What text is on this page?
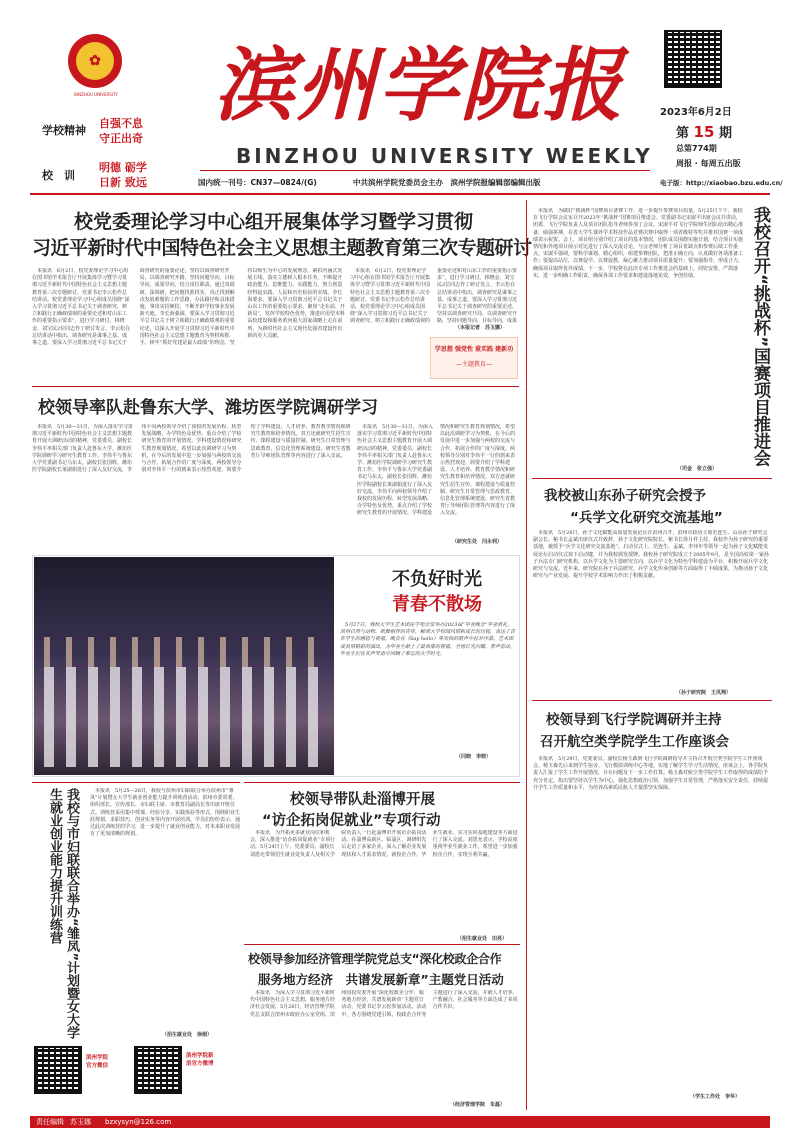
✿
BINZHOU UNIVERSITY
学校精神
自强不息
守正出奇
校　训
明德 砺学
日新 致远
滨州学院报
BINZHOU UNIVERSITY WEEKLY
国内统一刊号：CN37—0824/(G)	中共滨州学院党委员会主办　滨州学院报编辑部编辑出版
2023年6月2日
第 15 期
总第774期
周报 · 每周五出版
电子版：http://xiaobao.bzu.edu.cn/
校党委理论学习中心组开展集体学习暨学习贯彻
习近平新时代中国特色社会主义思想主题教育第三次专题研讨

本报讯　6月2日，校党委理论学习中心组在图书馆学术报告厅开展集体学习暨学习贯彻习近平新时代中国特色社会主义思想主题教育第三次专题研讨。党委书记李云松作总结讲话。校党委理论学习中心组成员围绕“深入学习贯彻习近平总书记关于调查研究、树立和践行正确政绩观的重要论述和对山东工作的重要指示要求”，进行学习研讨。林晓金、刘宝民2位同志作了研讨发言。李云松在总结讲话中指出，调查研究是谋事之基、成事之道。要深入学习贯彻习近平总书记关于调查研究的重要论述，坚持以调查研究开局、以调查研究开路，坚持问题导向、目标导向，成果导向，结合岗位职责，通过真调研、深调研，把问题找准找实，真正找到解决发展难题的工作思路，办法路径和具体措施，拿出实招硬招，不断开辟学校事业发展新天地。李长海强调，要深入学习贯彻习近平总书记关于树立和践行正确政绩观的重要论述，以深入开展学习贯彻习近平新时代中国特色社会主义思想主题教育为契机和抓手，树牢“抓好党建是最大政绩”的理念，坚持以师生为中心的发展理念，紧扣内涵式发展主线，落实立德树人根本任务，不断提升政治能力、思维能力、实践能力，努力创造经得起实践、人民和历史检验的实绩。李长海要求，要深入学习贯彻习近平总书记关于山东工作的重要指示要求，聚焦“走在前、开新局”，发挥学校特色优势，推进应用型本科高校建设和服务黄河重大国家战略上走在前列，为新时代社会主义现代化强省建设作出新的更大贡献。

本报讯　6月2日，校党委理论学习中心组在图书馆学术报告厅开展集体学习暨学习贯彻习近平新时代中国特色社会主义思想主题教育第三次专题研讨。党委书记李云松作总结讲话。校党委理论学习中心组成员围绕“深入学习贯彻习近平总书记关于调查研究、树立和践行正确政绩观的重要论述和对山东工作的重要指示要求”，进行学习研讨。林晓金、刘宝民2位同志作了研讨发言。李云松在总结讲话中指出，调查研究是谋事之基、成事之道。要深入学习贯彻习近平总书记关于调查研究的重要论述，坚持以调查研究开局、以调查研究开路，坚持问题导向、目标导向，成果

（本报记者　苏玉娜）
学思想 强党性 重实践 建新功
—主题教育—

本报讯　为做好“挑战杯”国赛项目备赛工作，进一步提升参赛项目质量，5月25日下午，我校在飞行学院会议室召开2023年“挑战杯”国赛项目推进会。党委副书记宋淑平出席会议并讲话，团委、飞行学院负责人及项目团队指导老师参加了会议。宋淑平对飞行学院师生团队给出精心准备，硕强拼搏，在省大学生课外学术科技作品竞赛决赛中取得一项省级特等奖并推荐国赛一项成绩表示祝贺。会上，项目组分别介绍了项目的基本情况，团队成员围绕实施计划，结合项目实施情况和外地项目展示对比进行了深入交流讨论，与会老师分析了项目优缺点和参赛后续工作重点。宋淑平强调，要科学谋划、精心组织，组建参赛团队，把准正确方向，认真做好各项准备工作；要提高站位，以赛促学、以赛促教，凝心聚力推动项目质量提升；要加强指导，形成合力，确保项目取得优异成绩。下一步，学校将在此次专项工作推进会的基础上，周密安排，严抓落实，进一步明确工作职责，确保各项工作要求和建设落地见效，争创佳绩。

（司金　张立强）
我校召开“挑战杯”国赛项目推进会
校领导率队赴鲁东大学、潍坊医学院调研学习

本报讯　5月30—31日，为深入落实学习贯彻习近平新时代中国特色社会主义思想主题教育开展大调研活动的精神，党委委员、副校长李伟平率相关部门负责人赴鲁东大学、潍坊医学院调研学习研究生教育工作。李伟平与鲁东大学党委副书记马东太，副校长张国辉，潍坊医学院副校长莱淑娟进行了深入友好交流，李伟平向两校领导介绍了我校的发展历程、转型发展战略、办学特色及优势，重点介绍了学校研究生教育的开展情况、学科建设情况和研究生教育规划情况，希望以此次调研学习为契机，在今后的发展中进一步加强与两校的交流与合作，拓展合作的广度与深度。两校领导分别对李伟平一行的到来表示热烈欢迎，简要介绍了学科建设、人才培养、教育教学情况和研究生教育和培养情况。双方还就研究生招生宣传、课程建设与质量控制、研究生日常管理与思政教育、信息化管理系统建设、研究生省教育厅导师团队管理等内容进行了深入交流。

本报讯　5月30—31日，为深入落实学习贯彻习近平新时代中国特色社会主义思想主题教育开展大调研活动的精神，党委委员、副校长李伟平率相关部门负责人赴鲁东大学、潍坊医学院调研学习研究生教育工作。李伟平与鲁东大学党委副书记马东太，副校长张国辉，潍坊医学院副校长莱淑娟进行了深入友好交流，李伟平向两校领导介绍了我校的发展历程、转型发展战略、办学特色及优势，重点介绍了学校研究生教育的开展情况、学科建设情况和研究生教育规划情况，希望以此次调研学习为契机，在今后的发展中进一步加强与两校的交流与合作，拓展合作的广度与深度。两校领导分别对李伟平一行的到来表示热烈欢迎，简要介绍了学科建设、人才培养、教育教学情况和研究生教育和培养情况。双方还就研究生招生宣传、课程建设与质量控制、研究生日常管理与思政教育、信息化管理系统建设、研究生省教育厅导师团队管理等内容进行了深入交流。

（研究生处　闫永利）
我校被山东孙子研究会授予
“兵学文化研究交流基地”

本报讯　5月26日，孙子文化赋能高质量发展论坛在滨州召开，滨州市政协主席范连生、山东孙子研究会副会长、秘书长孟斌出席仪式并致辞。孙子文化研究院院长、秘书长徐月祥主持。我校作为孙子研究的重要基地，被授予“兵学文化研究交流基地”。启动仪式上，范连生、孟斌、李伟年等领导一起为孙子文化赋能发展论坛启动仪式按下启动键，并为我校颁发授牌。我校孙子研究院成立于2005年9月，是全国高校第一家孙子兵法专门研究机构，以兵学文化为主要研究方向，以兵学文化为特色学科建设为平台，积极开展兵学文化研究与交流。近年来，研究院在孙子兵法研究、兵学文化传承创新等方面取得了丰硕成果，为推动孙子文化研究与产业发展、提升学校学术影响力作出了积极贡献。

（孙子研究院　王凤翔）
不负好时光
青春不散场

5月27日，我校大学生艺术团在学苑会堂举办2023届“毕业晚会”毕业典礼，滨州自然与动物、歌舞相伴的青年，解读大学校园风情和成长的历程，表达了青年学生的感恩与祝福。晚会在《Say hello》等欢快的歌声中拉开序幕，艺术团成员用精彩的演出，为毕业生献上了最真挚的祝福。全场灯光闪耀、掌声雷动，毕业生们在欢声笑语中回顾了难忘的大学时光。

（闫晓　李晓）
我校与市妇联联合举办“雏凤”计划暨女大学生就业创业能力提升训练营	本报讯　5月25—26日，我校与滨州市妇联联合举办滨州市“雏凤”计划暨女大学生就业创业能力提升训练营活动。滨州市委常委、组织部长、宣传部长、市妇联主席、市教育局副局长等出席开班仪式。训练营采用集中授课、经验分享、实践体验等形式，围绕职业生涯规划、求职技巧、创业实务等内容开展培训。学员们纷纷表示，通过此次训练营的学习，进一步提升了就业创业能力，对未来职业发展有了更加清晰的规划。

（招生就业处　徐娟）
校领导带队赴淄博开展
“访企拓岗促就业”专项行动

本报讯　为开拓更多就业岗位和机会，深入推进“访企拓岗促就业”专项行动，5月24日上午，党委委员、副校长刘恩允带领招生就业处负责人及相关学院负责人一行赴淄博市开展访企拓岗活动。在淄博高新区、临淄区，调研组先后走访了多家企业，深入了解企业发展现状和人才需求情况，就校企合作、毕业生就业、实习实训基地建设等方面进行了深入交流。刘恩允表示，学校高度重视毕业生就业工作，希望进一步加强校企合作，实现互利共赢。

（招生就业处　田亮）
校领导参加经济管理学院党总支“深化校政企合作
服务地方经济　共谱发展新章”主题党日活动

本报讯　为深入学习贯彻习近平新时代中国特色社会主义思想，服务地方经济社会发展，5月26日，经济管理学院党总支联合滨州市政府办公室党组、滨州国投党委开展“深化校政企合作，服务地方经济，共谱发展新章”主题党日活动。党委书记李云松参加活动。活动中，各方围绕党建引领、校政企合作等主题进行了深入交流，并就人才培养、产教融合、社会服务等方面达成了多项合作共识。

（经济管理学院　朱磊）
校领导到飞行学院调研并主持
召开航空类学院学生工作座谈会

本报讯　5月29日，党委委员、副校长杨玉森到飞行学院调研指导并主持召开航空类学院学生工作座谈会。杨玉森先后来到学生宿舍、飞行模拟训练中心等地，实地了解学生学习生活情况。座谈会上，各学院负责人汇报了学生工作开展情况、存在问题及下一步工作打算。杨玉森对航空类学院学生工作取得的成绩给予充分肯定，指出要坚持以学生为中心，强化思想政治引领，加强学生日常管理，严格落实安全责任，持续提升学生工作质量和水平，为培养高素质民航人才提供坚实保障。

（学生工作处　李华）
滨州学院官方微信
滨州学院新浪官方微博
责任编辑 苏玉娜 bzxysyn@126.com
